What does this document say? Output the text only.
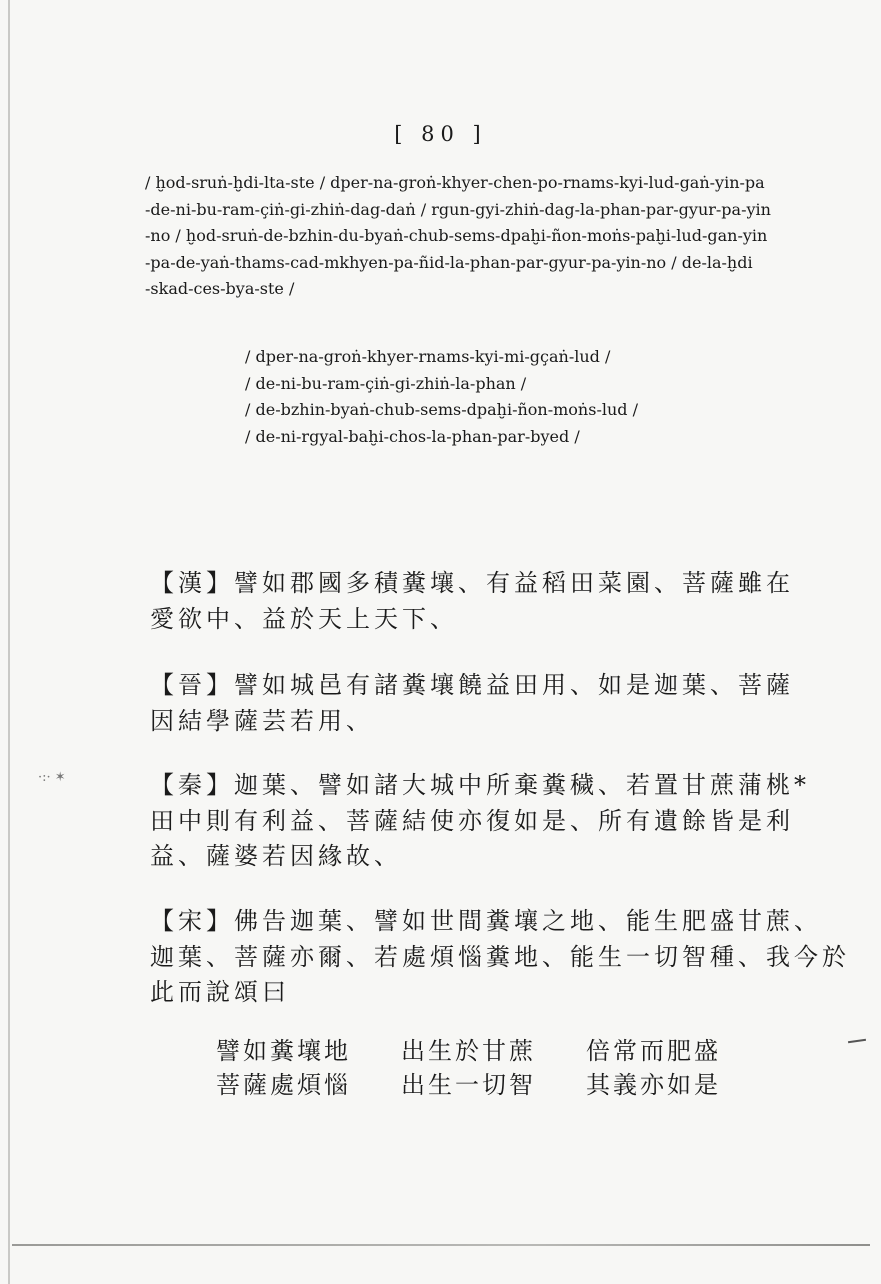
[ 80 ]

/ ḫod-sruṅ-ḫdi-lta-ste / dper-na-groṅ-khyer-chen-po-rnams-kyi-lud-gaṅ-yin-pa
-de-ni-bu-ram-çiṅ-gi-zhiṅ-dag-daṅ / rgun-gyi-zhiṅ-dag-la-phan-par-gyur-pa-yin
-no / ḫod-sruṅ-de-bzhin-du-byaṅ-chub-sems-dpaḫi-ñon-moṅs-paḫi-lud-gan-yin
-pa-de-yaṅ-thams-cad-mkhyen-pa-ñid-la-phan-par-gyur-pa-yin-no / de-la-ḫdi
-skad-ces-bya-ste /

/ dper-na-groṅ-khyer-rnams-kyi-mi-gçaṅ-lud /
/ de-ni-bu-ram-çiṅ-gi-zhiṅ-la-phan /
/ de-bzhin-byaṅ-chub-sems-dpaḫi-ñon-moṅs-lud /
/ de-ni-rgyal-baḫi-chos-la-phan-par-byed /

【漢】譬如郡國多積糞壤、有益稻田菜園、菩薩雖在
愛欲中、益於天上天下、

【晉】譬如城邑有諸糞壤饒益田用、如是迦葉、菩薩
因結學薩芸若用、

·:· ✶	【秦】迦葉、譬如諸大城中所棄糞穢、若置甘蔗蒲桃*
田中則有利益、菩薩結使亦復如是、所有遺餘皆是利
益、薩婆若因緣故、

【宋】佛告迦葉、譬如世間糞壤之地、能生肥盛甘蔗、
迦葉、菩薩亦爾、若處煩惱糞地、能生一切智種、我今於
此而說頌曰

譬如糞壤地 出生於甘蔗 倍常而肥盛
菩薩處煩惱 出生一切智 其義亦如是
